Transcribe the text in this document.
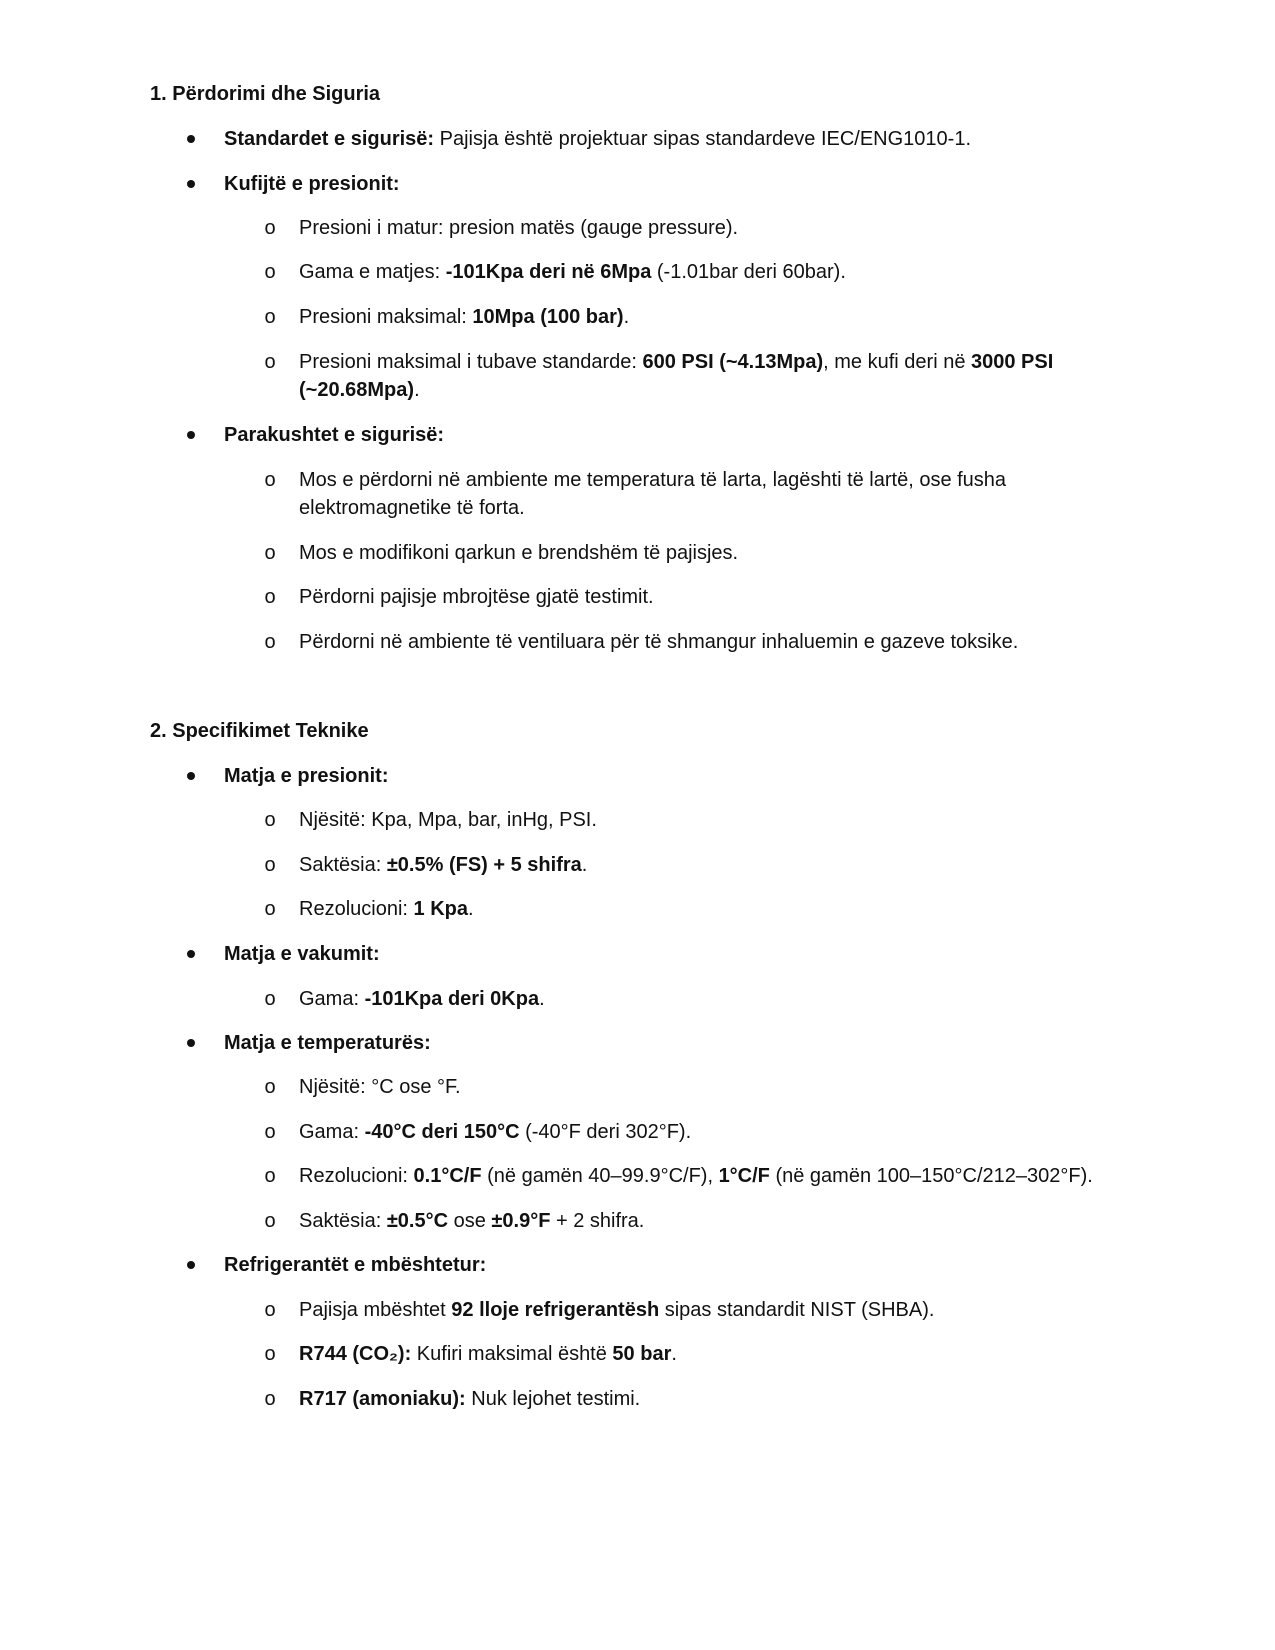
1. Përdorimi dhe Siguria
Standardet e sigurisë: Pajisja është projektuar sipas standardeve IEC/ENG1010-1.
Kufijtë e presionit:
o Presioni i matur: presion matës (gauge pressure).
o Gama e matjes: -101Kpa deri në 6Mpa (-1.01bar deri 60bar).
o Presioni maksimal: 10Mpa (100 bar).
o Presioni maksimal i tubave standarde: 600 PSI (~4.13Mpa), me kufi deri në 3000 PSI
(~20.68Mpa).
Parakushtet e sigurisë:
o Mos e përdorni në ambiente me temperatura të larta, lagështi të lartë, ose fusha
elektromagnetike të forta.
o Mos e modifikoni qarkun e brendshëm të pajisjes.
o Përdorni pajisje mbrojtëse gjatë testimit.
o Përdorni në ambiente të ventiluara për të shmangur inhaluemin e gazeve toksike.
2. Specifikimet Teknike
Matja e presionit:
o Njësitë: Kpa, Mpa, bar, inHg, PSI.
o Saktësia: ±0.5% (FS) + 5 shifra.
o Rezolucioni: 1 Kpa.
Matja e vakumit:
o Gama: -101Kpa deri 0Kpa.
Matja e temperaturës:
o Njësitë: °C ose °F.
o Gama: -40°C deri 150°C (-40°F deri 302°F).
o Rezolucioni: 0.1°C/F (në gamën 40–99.9°C/F), 1°C/F (në gamën 100–150°C/212–302°F).
o Saktësia: ±0.5°C ose ±0.9°F + 2 shifra.
Refrigerantët e mbështetur:
o Pajisja mbështet 92 lloje refrigerantësh sipas standardit NIST (SHBA).
o R744 (CO₂): Kufiri maksimal është 50 bar.
o R717 (amoniaku): Nuk lejohet testimi.
